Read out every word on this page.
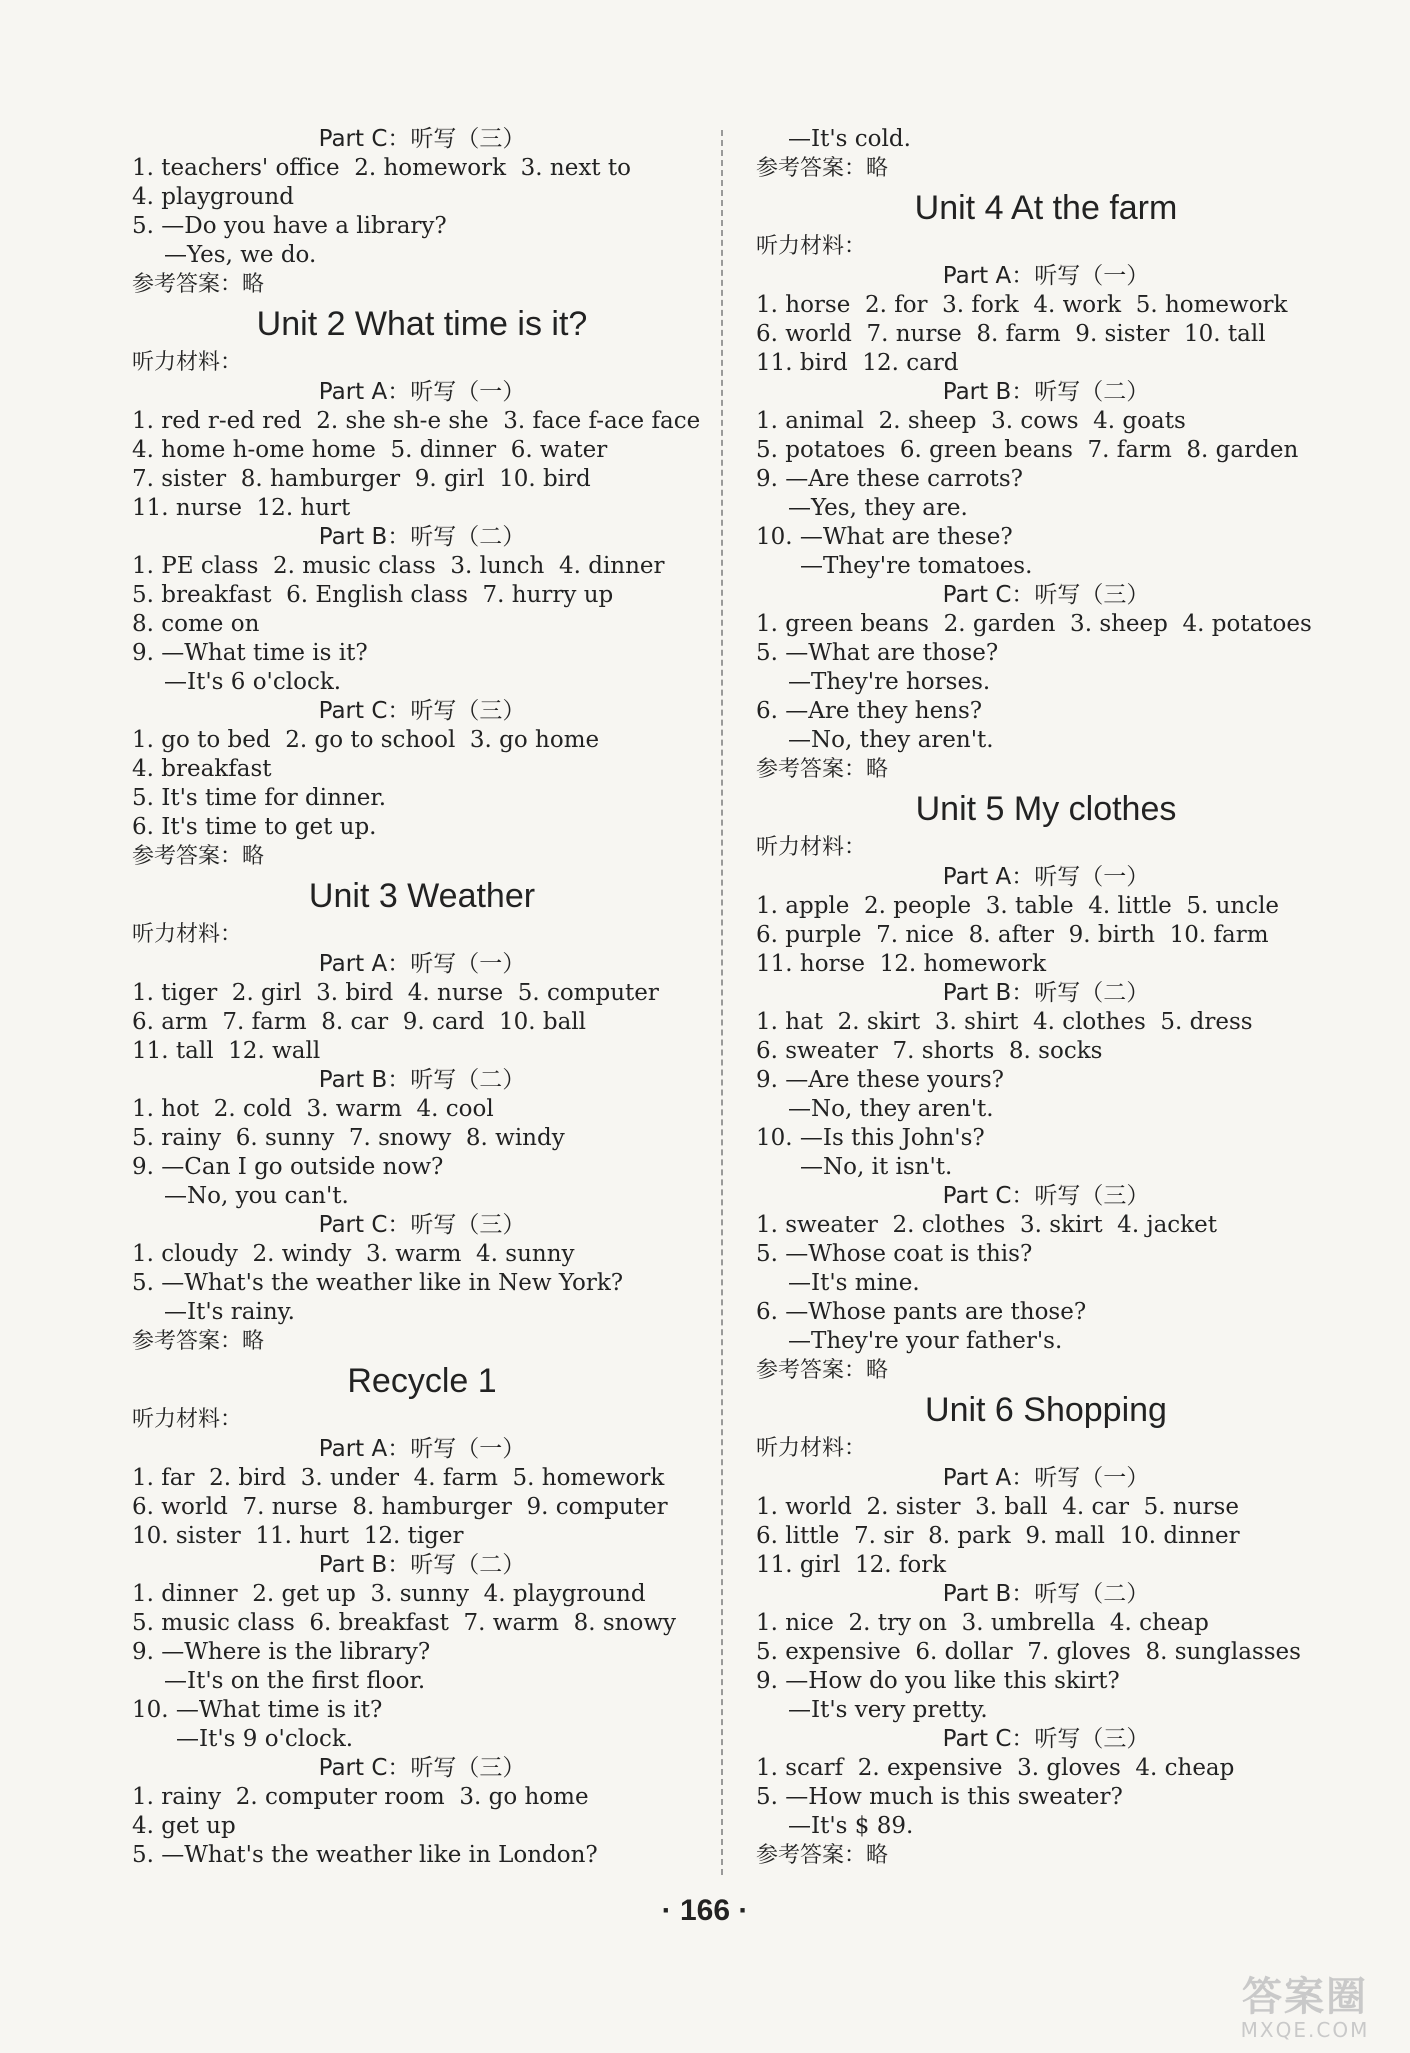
Part C：听写（三）
1. teachers' office  2. homework  3. next to
4. playground
5. —Do you have a library?
—Yes, we do.
参考答案：略
Unit 2 What time is it?
听力材料：
Part A：听写（一）
1. red r-ed red  2. she sh-e she  3. face f-ace face
4. home h-ome home  5. dinner  6. water
7. sister  8. hamburger  9. girl  10. bird
11. nurse  12. hurt
Part B：听写（二）
1. PE class  2. music class  3. lunch  4. dinner
5. breakfast  6. English class  7. hurry up
8. come on
9. —What time is it?
—It's 6 o'clock.
Part C：听写（三）
1. go to bed  2. go to school  3. go home
4. breakfast
5. It's time for dinner.
6. It's time to get up.
参考答案：略
Unit 3 Weather
听力材料：
Part A：听写（一）
1. tiger  2. girl  3. bird  4. nurse  5. computer
6. arm  7. farm  8. car  9. card  10. ball
11. tall  12. wall
Part B：听写（二）
1. hot  2. cold  3. warm  4. cool
5. rainy  6. sunny  7. snowy  8. windy
9. —Can I go outside now?
—No, you can't.
Part C：听写（三）
1. cloudy  2. windy  3. warm  4. sunny
5. —What's the weather like in New York?
—It's rainy.
参考答案：略
Recycle 1
听力材料：
Part A：听写（一）
1. far  2. bird  3. under  4. farm  5. homework
6. world  7. nurse  8. hamburger  9. computer
10. sister  11. hurt  12. tiger
Part B：听写（二）
1. dinner  2. get up  3. sunny  4. playground
5. music class  6. breakfast  7. warm  8. snowy
9. —Where is the library?
—It's on the first floor.
10. —What time is it?
—It's 9 o'clock.
Part C：听写（三）
1. rainy  2. computer room  3. go home
4. get up
5. —What's the weather like in London?
—It's cold.
参考答案：略
Unit 4 At the farm
听力材料：
Part A：听写（一）
1. horse  2. for  3. fork  4. work  5. homework
6. world  7. nurse  8. farm  9. sister  10. tall
11. bird  12. card
Part B：听写（二）
1. animal  2. sheep  3. cows  4. goats
5. potatoes  6. green beans  7. farm  8. garden
9. —Are these carrots?
—Yes, they are.
10. —What are these?
—They're tomatoes.
Part C：听写（三）
1. green beans  2. garden  3. sheep  4. potatoes
5. —What are those?
—They're horses.
6. —Are they hens?
—No, they aren't.
参考答案：略
Unit 5 My clothes
听力材料：
Part A：听写（一）
1. apple  2. people  3. table  4. little  5. uncle
6. purple  7. nice  8. after  9. birth  10. farm
11. horse  12. homework
Part B：听写（二）
1. hat  2. skirt  3. shirt  4. clothes  5. dress
6. sweater  7. shorts  8. socks
9. —Are these yours?
—No, they aren't.
10. —Is this John's?
—No, it isn't.
Part C：听写（三）
1. sweater  2. clothes  3. skirt  4. jacket
5. —Whose coat is this?
—It's mine.
6. —Whose pants are those?
—They're your father's.
参考答案：略
Unit 6 Shopping
听力材料：
Part A：听写（一）
1. world  2. sister  3. ball  4. car  5. nurse
6. little  7. sir  8. park  9. mall  10. dinner
11. girl  12. fork
Part B：听写（二）
1. nice  2. try on  3. umbrella  4. cheap
5. expensive  6. dollar  7. gloves  8. sunglasses
9. —How do you like this skirt?
—It's very pretty.
Part C：听写（三）
1. scarf  2. expensive  3. gloves  4. cheap
5. —How much is this sweater?
—It's $ 89.
参考答案：略
· 166 ·
答案圈
MXQE.COM
